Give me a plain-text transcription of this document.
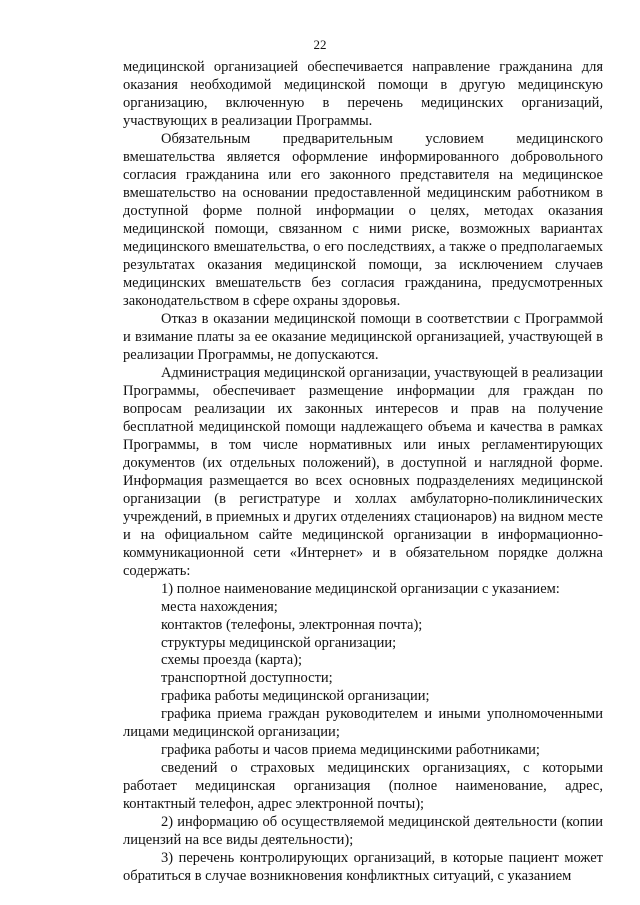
22

медицинской организацией обеспечивается направление гражданина для оказания необходимой медицинской помощи в другую медицинскую организацию, включенную в перечень медицинских организаций, участвующих в реализации Программы.

Обязательным предварительным условием медицинского вмешательства является оформление информированного добровольного согласия гражданина или его законного представителя на медицинское вмешательство на основании предоставленной медицинским работником в доступной форме полной информации о целях, методах оказания медицинской помощи, связанном с ними риске, возможных вариантах медицинского вмешательства, о его последствиях, а также о предполагаемых результатах оказания медицинской помощи, за исключением случаев медицинских вмешательств без согласия гражданина, предусмотренных законодательством в сфере охраны здоровья.

Отказ в оказании медицинской помощи в соответствии с Программой и взимание платы за ее оказание медицинской организацией, участвующей в реализации Программы, не допускаются.

Администрация медицинской организации, участвующей в реализации Программы, обеспечивает размещение информации для граждан по вопросам реализации их законных интересов и прав на получение бесплатной медицинской помощи надлежащего объема и качества в рамках Программы, в том числе нормативных или иных регламентирующих документов (их отдельных положений), в доступной и наглядной форме. Информация размещается во всех основных подразделениях медицинской организации (в регистратуре и холлах амбулаторно-поликлинических учреждений, в приемных и других отделениях стационаров) на видном месте и на официальном сайте медицинской организации в информационно-коммуникационной сети «Интернет» и в обязательном порядке должна содержать:

1) полное наименование медицинской организации с указанием:

места нахождения;

контактов (телефоны, электронная почта);

структуры медицинской организации;

схемы проезда (карта);

транспортной доступности;

графика работы медицинской организации;

графика приема граждан руководителем и иными уполномоченными лицами медицинской организации;

графика работы и часов приема медицинскими работниками;

сведений о страховых медицинских организациях, с которыми работает медицинская организация (полное наименование, адрес, контактный телефон, адрес электронной почты);

2) информацию об осуществляемой медицинской деятельности (копии лицензий на все виды деятельности);

3) перечень контролирующих организаций, в которые пациент может обратиться в случае возникновения конфликтных ситуаций, с указанием
